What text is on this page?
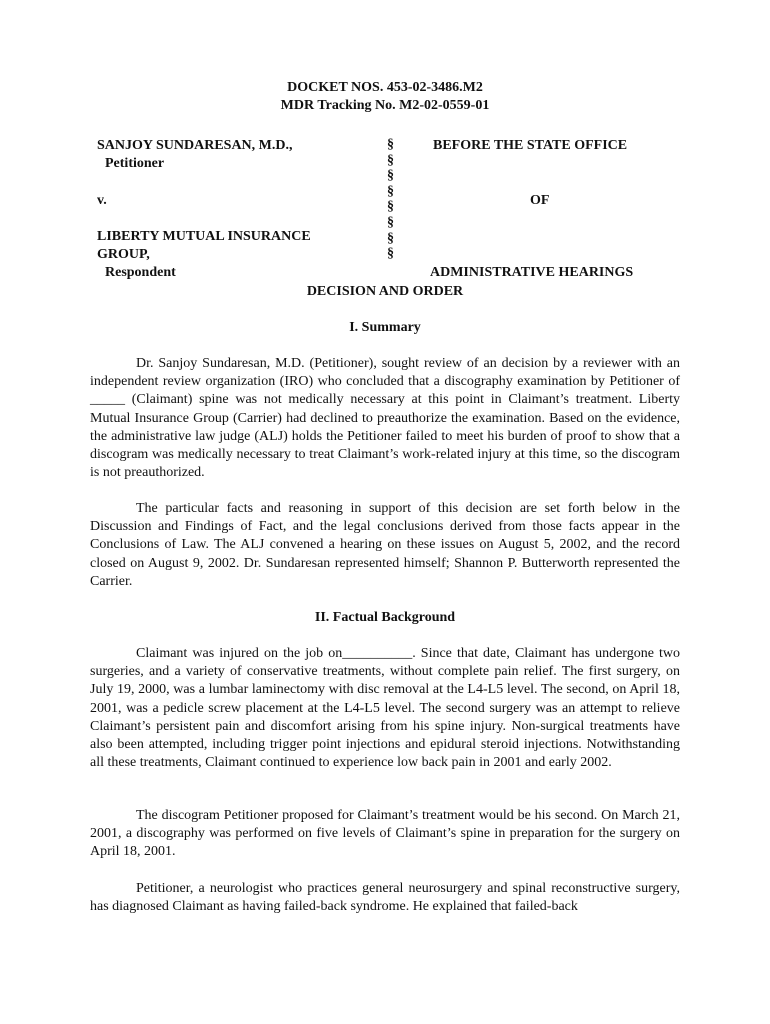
DOCKET NOS. 453-02-3486.M2
MDR Tracking No. M2-02-0559-01
SANJOY SUNDARESAN, M.D.,
Petitioner
v.
LIBERTY MUTUAL INSURANCE
GROUP,
Respondent
§
§
§
§
§
§
§
§
BEFORE THE STATE OFFICE
OF
ADMINISTRATIVE HEARINGS
DECISION AND ORDER
I. Summary

Dr. Sanjoy Sundaresan, M.D. (Petitioner), sought review of an decision by a reviewer with an independent review organization (IRO) who concluded that a discography examination by Petitioner of _____ (Claimant) spine was not medically necessary at this point in Claimant’s treatment. Liberty Mutual Insurance Group (Carrier) had declined to preauthorize the examination. Based on the evidence, the administrative law judge (ALJ) holds the Petitioner failed to meet his burden of proof to show that a discogram was medically necessary to treat Claimant’s work-related injury at this time, so the discogram is not preauthorized.

The particular facts and reasoning in support of this decision are set forth below in the Discussion and Findings of Fact, and the legal conclusions derived from those facts appear in the Conclusions of Law. The ALJ convened a hearing on these issues on August 5, 2002, and the record closed on August 9, 2002. Dr. Sundaresan represented himself; Shannon P. Butterworth represented the Carrier.

II. Factual Background

Claimant was injured on the job on__________. Since that date, Claimant has undergone two surgeries, and a variety of conservative treatments, without complete pain relief. The first surgery, on July 19, 2000, was a lumbar laminectomy with disc removal at the L4-L5 level. The second, on April 18, 2001, was a pedicle screw placement at the L4-L5 level. The second surgery was an attempt to relieve Claimant’s persistent pain and discomfort arising from his spine injury. Non-surgical treatments have also been attempted, including trigger point injections and epidural steroid injections. Notwithstanding all these treatments, Claimant continued to experience low back pain in 2001 and early 2002.

The discogram Petitioner proposed for Claimant’s treatment would be his second. On March 21, 2001, a discography was performed on five levels of Claimant’s spine in preparation for the surgery on April 18, 2001.

Petitioner, a neurologist who practices general neurosurgery and spinal reconstructive surgery, has diagnosed Claimant as having failed-back syndrome. He explained that failed-back
